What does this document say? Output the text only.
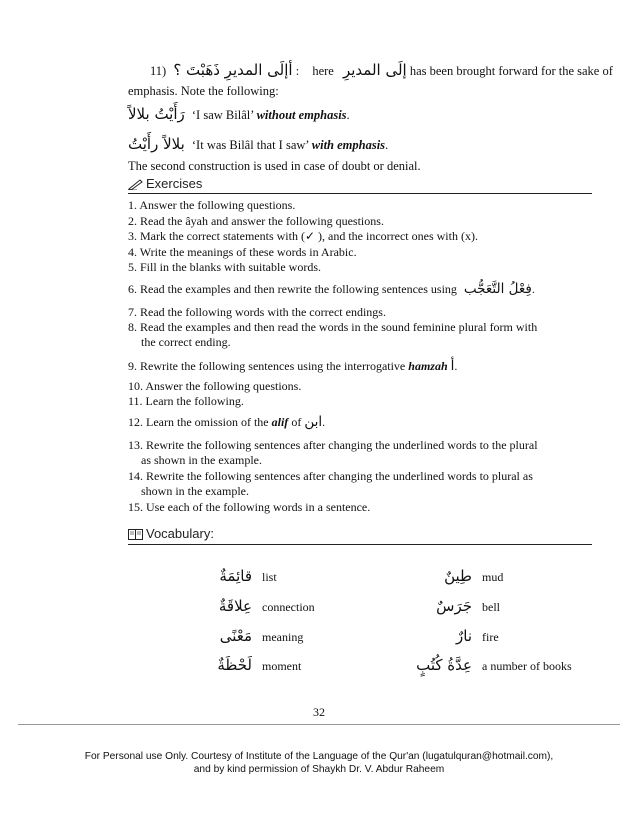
11) أإلَى المديرِ ذَهَبْتَ ؟ : here إلَى المديرِ has been brought forward for the sake of
emphasis. Note the following:
رَأَيْتُ بلالاً ‘I saw Bilâl’ without emphasis.
بلالاً رأَيْتُ ‘It was Bilâl that I saw’ with emphasis.
The second construction is used in case of doubt or denial.
Exercises
1. Answer the following questions.
2. Read the âyah and answer the following questions.
3. Mark the correct statements with (✓ ), and the incorrect ones with (x).
4. Write the meanings of these words in Arabic.
5. Fill in the blanks with suitable words.
6. Read the examples and then rewrite the following sentences using فِعْلُ التَّعَجُّب.
7. Read the following words with the correct endings.
8. Read the examples and then read the words in the sound feminine plural form with
the correct ending.
9. Rewrite the following sentences using the interrogative hamzah أ.
10. Answer the following questions.
11. Learn the following.
12. Learn the omission of the alif of ابن.
13. Rewrite the following sentences after changing the underlined words to the plural
as shown in the example.
14. Rewrite the following sentences after changing the underlined words to plural as
shown in the example.
15. Use each of the following words in a sentence.
Vocabulary:
قائِمَةٌ list
عِلاقَةٌ connection
مَعْنًى meaning
لَحْظَةٌ moment
طِينٌ mud
جَرَسٌ bell
نارٌ fire
عِدَّةُ كُتُبٍ a number of books
32
For Personal use Only. Courtesy of Institute of the Language of the Qur'an (lugatulquran@hotmail.com),
and by kind permission of Shaykh Dr. V. Abdur Raheem
